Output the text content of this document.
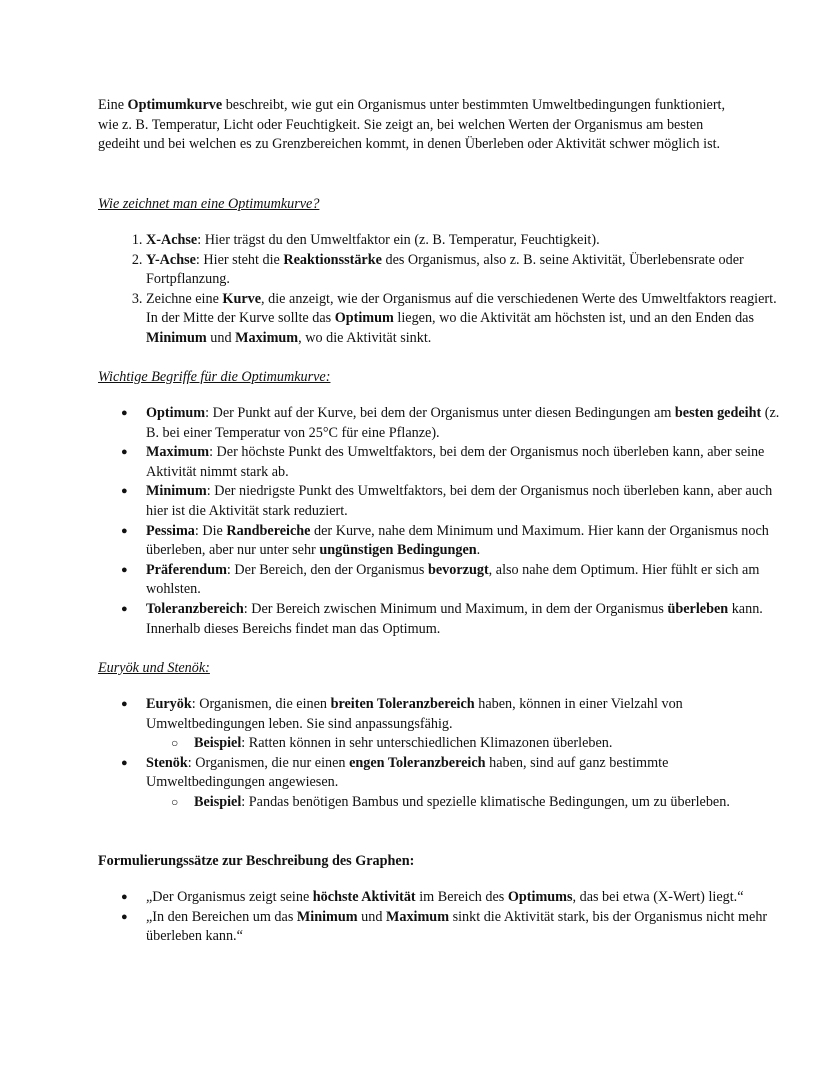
Eine Optimumkurve beschreibt, wie gut ein Organismus unter bestimmten Umweltbedingungen funktioniert, wie z. B. Temperatur, Licht oder Feuchtigkeit. Sie zeigt an, bei welchen Werten der Organismus am besten gedeiht und bei welchen es zu Grenzbereichen kommt, in denen Überleben oder Aktivität schwer möglich ist.

Wie zeichnet man eine Optimumkurve?

1. X-Achse: Hier trägst du den Umweltfaktor ein (z. B. Temperatur, Feuchtigkeit).
2. Y-Achse: Hier steht die Reaktionsstärke des Organismus, also z. B. seine Aktivität, Überlebensrate oder Fortpflanzung.
3. Zeichne eine Kurve, die anzeigt, wie der Organismus auf die verschiedenen Werte des Umweltfaktors reagiert. In der Mitte der Kurve sollte das Optimum liegen, wo die Aktivität am höchsten ist, und an den Enden das Minimum und Maximum, wo die Aktivität sinkt.

Wichtige Begriffe für die Optimumkurve:

● Optimum: Der Punkt auf der Kurve, bei dem der Organismus unter diesen Bedingungen am besten gedeiht (z. B. bei einer Temperatur von 25°C für eine Pflanze).
● Maximum: Der höchste Punkt des Umweltfaktors, bei dem der Organismus noch überleben kann, aber seine Aktivität nimmt stark ab.
● Minimum: Der niedrigste Punkt des Umweltfaktors, bei dem der Organismus noch überleben kann, aber auch hier ist die Aktivität stark reduziert.
● Pessima: Die Randbereiche der Kurve, nahe dem Minimum und Maximum. Hier kann der Organismus noch überleben, aber nur unter sehr ungünstigen Bedingungen.
● Präferendum: Der Bereich, den der Organismus bevorzugt, also nahe dem Optimum. Hier fühlt er sich am wohlsten.
● Toleranzbereich: Der Bereich zwischen Minimum und Maximum, in dem der Organismus überleben kann. Innerhalb dieses Bereichs findet man das Optimum.

Euryök und Stenök:

● Euryök: Organismen, die einen breiten Toleranzbereich haben, können in einer Vielzahl von Umweltbedingungen leben. Sie sind anpassungsfähig.
○ Beispiel: Ratten können in sehr unterschiedlichen Klimazonen überleben.
● Stenök: Organismen, die nur einen engen Toleranzbereich haben, sind auf ganz bestimmte Umweltbedingungen angewiesen.
○ Beispiel: Pandas benötigen Bambus und spezielle klimatische Bedingungen, um zu überleben.

Formulierungssätze zur Beschreibung des Graphen:

● „Der Organismus zeigt seine höchste Aktivität im Bereich des Optimums, das bei etwa (X-Wert) liegt.“
● „In den Bereichen um das Minimum und Maximum sinkt die Aktivität stark, bis der Organismus nicht mehr überleben kann.“
